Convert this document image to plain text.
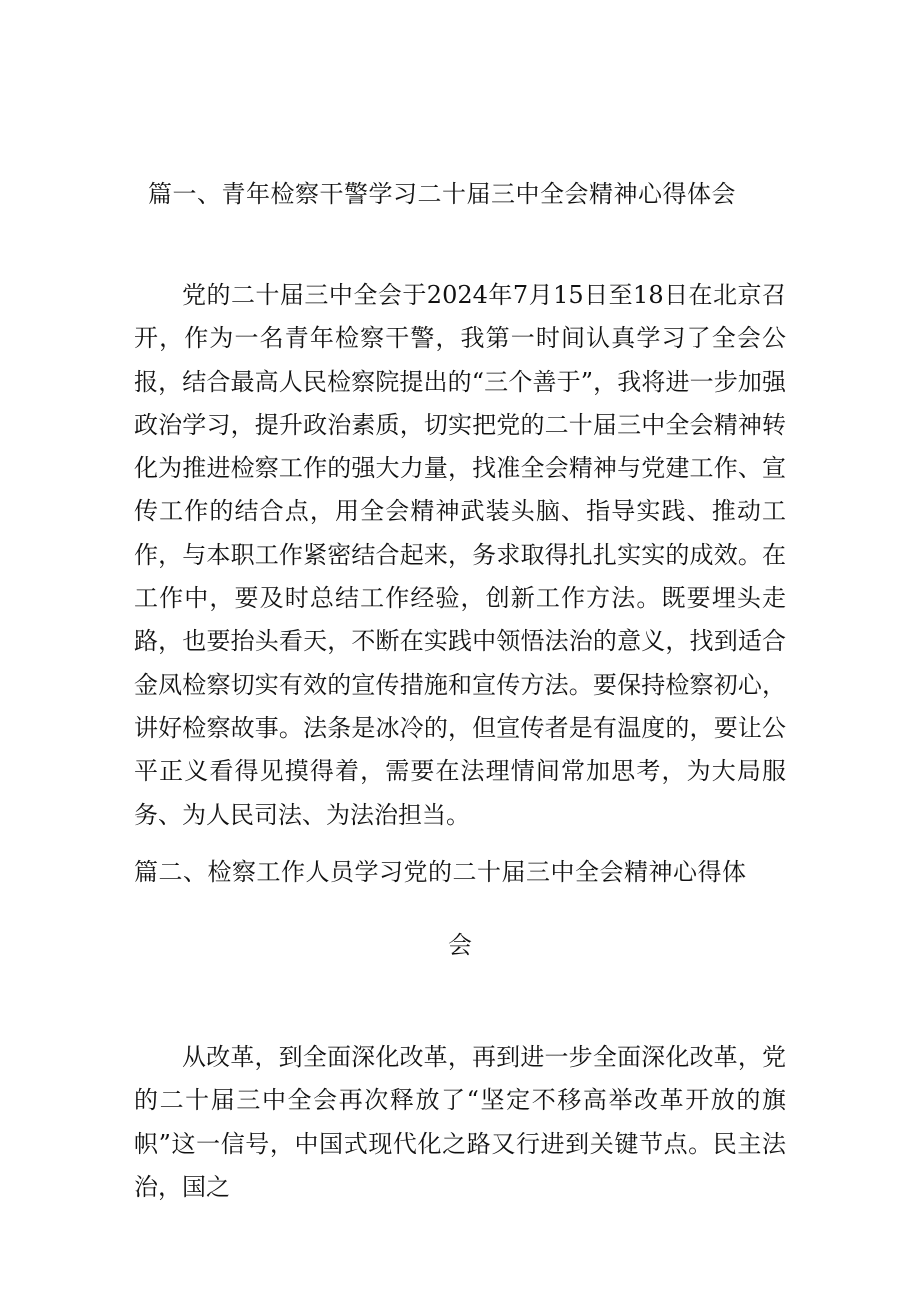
篇一、青年检察干警学习二十届三中全会精神心得体会

党的二十届三中全会于2024年7月15日至18日在北京召开，作为一名青年检察干警，我第一时间认真学习了全会公报，结合最高人民检察院提出的“三个善于”，我将进一步加强政治学习，提升政治素质，切实把党的二十届三中全会精神转化为推进检察工作的强大力量，找准全会精神与党建工作、宣传工作的结合点，用全会精神武装头脑、指导实践、推动工作，与本职工作紧密结合起来，务求取得扎扎实实的成效。在工作中，要及时总结工作经验，创新工作方法。既要埋头走路，也要抬头看天，不断在实践中领悟法治的意义，找到适合金凤检察切实有效的宣传措施和宣传方法。要保持检察初心，讲好检察故事。法条是冰冷的，但宣传者是有温度的，要让公平正义看得见摸得着，需要在法理情间常加思考，为大局服务、为人民司法、为法治担当。

篇二、检察工作人员学习党的二十届三中全会精神心得体
会

从改革，到全面深化改革，再到进一步全面深化改革，党的二十届三中全会再次释放了“坚定不移高举改革开放的旗帜”这一信号，中国式现代化之路又行进到关键节点。民主法治，国之
